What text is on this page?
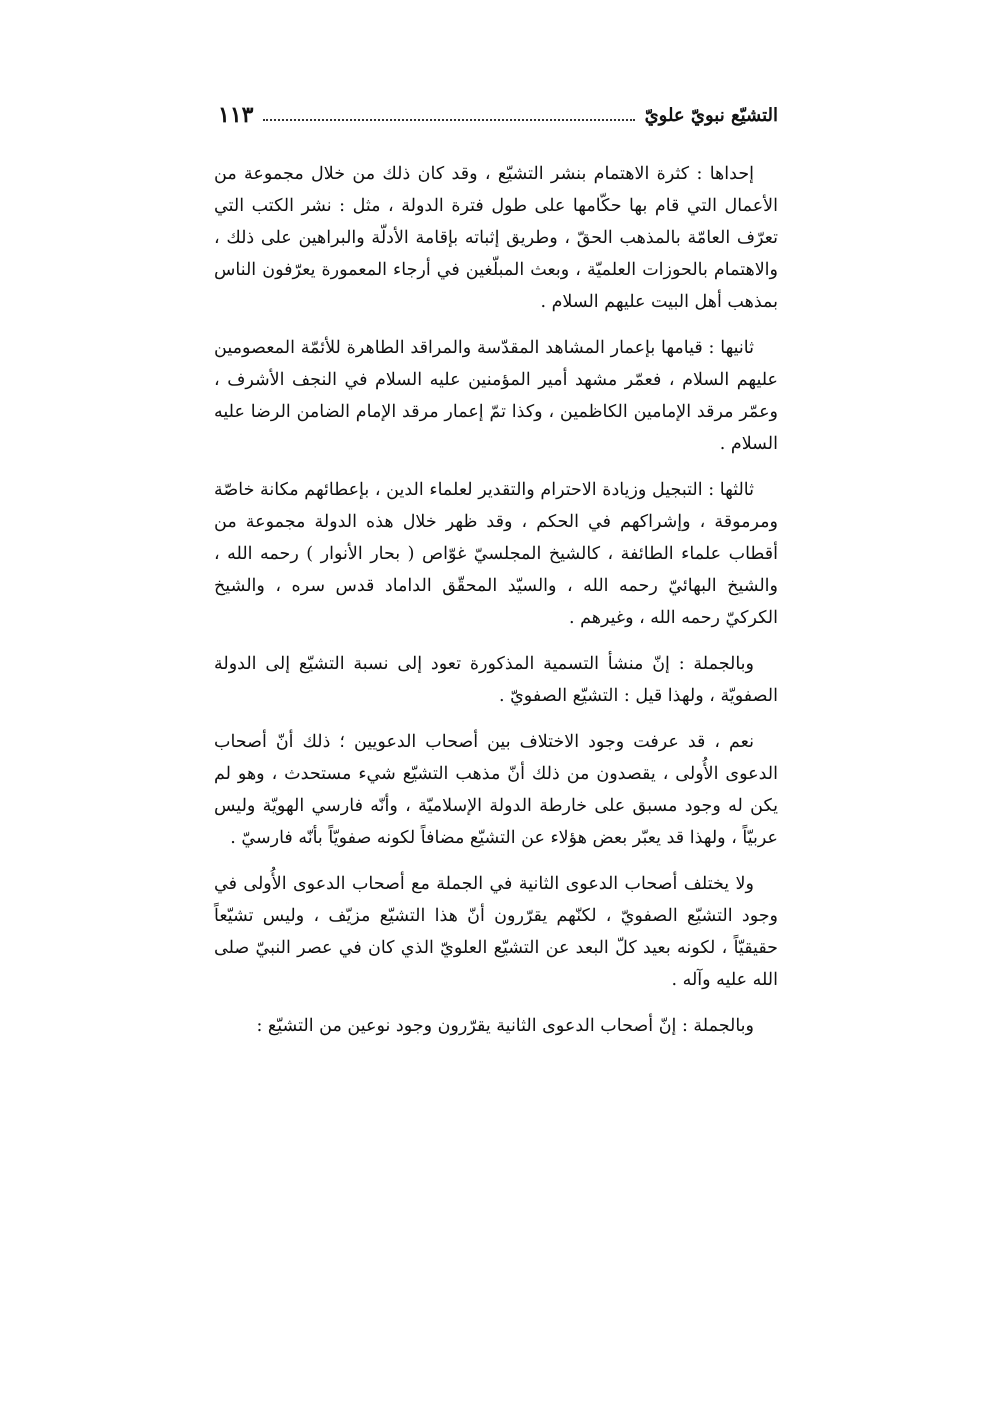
١١٣	التشيّع نبويّ علويّ

إحداها : كثرة الاهتمام بنشر التشيّع ، وقد كان ذلك من خلال مجموعة من الأعمال التي قام بها حكّامها على طول فترة الدولة ، مثل : نشر الكتب التي تعرّف العامّة بالمذهب الحقّ ، وطريق إثباته بإقامة الأدلّة والبراهين على ذلك ، والاهتمام بالحوزات العلميّة ، وبعث المبلّغين في أرجاء المعمورة يعرّفون الناس بمذهب أهل البيت عليهم السلام .

ثانيها : قيامها بإعمار المشاهد المقدّسة والمراقد الطاهرة للأئمّة المعصومين عليهم السلام ، فعمّر مشهد أمير المؤمنين عليه السلام في النجف الأشرف ، وعمّر مرقد الإمامين الكاظمين ، وكذا تمّ إعمار مرقد الإمام الضامن الرضا عليه السلام .

ثالثها : التبجيل وزيادة الاحترام والتقدير لعلماء الدين ، بإعطائهم مكانة خاصّة ومرموقة ، وإشراكهم في الحكم ، وقد ظهر خلال هذه الدولة مجموعة من أقطاب علماء الطائفة ، كالشيخ المجلسيّ غوّاص ( بحار الأنوار ) رحمه الله ، والشيخ البهائيّ رحمه الله ، والسيّد المحقّق الداماد قدس سره ، والشيخ الكركيّ رحمه الله ، وغيرهم .

وبالجملة : إنّ منشأ التسمية المذكورة تعود إلى نسبة التشيّع إلى الدولة الصفويّة ، ولهذا قيل : التشيّع الصفويّ .

نعم ، قد عرفت وجود الاختلاف بين أصحاب الدعويين ؛ ذلك أنّ أصحاب الدعوى الأُولى ، يقصدون من ذلك أنّ مذهب التشيّع شيء مستحدث ، وهو لم يكن له وجود مسبق على خارطة الدولة الإسلاميّة ، وأنّه فارسي الهويّة وليس عربيّاً ، ولهذا قد يعبّر بعض هؤلاء عن التشيّع مضافاً لكونه صفويّاً بأنّه فارسيّ .

ولا يختلف أصحاب الدعوى الثانية في الجملة مع أصحاب الدعوى الأُولى في وجود التشيّع الصفويّ ، لكنّهم يقرّرون أنّ هذا التشيّع مزيّف ، وليس تشيّعاً حقيقيّاً ، لكونه بعيد كلّ البعد عن التشيّع العلويّ الذي كان في عصر النبيّ صلى الله عليه وآله .

وبالجملة : إنّ أصحاب الدعوى الثانية يقرّرون وجود نوعين من التشيّع :
